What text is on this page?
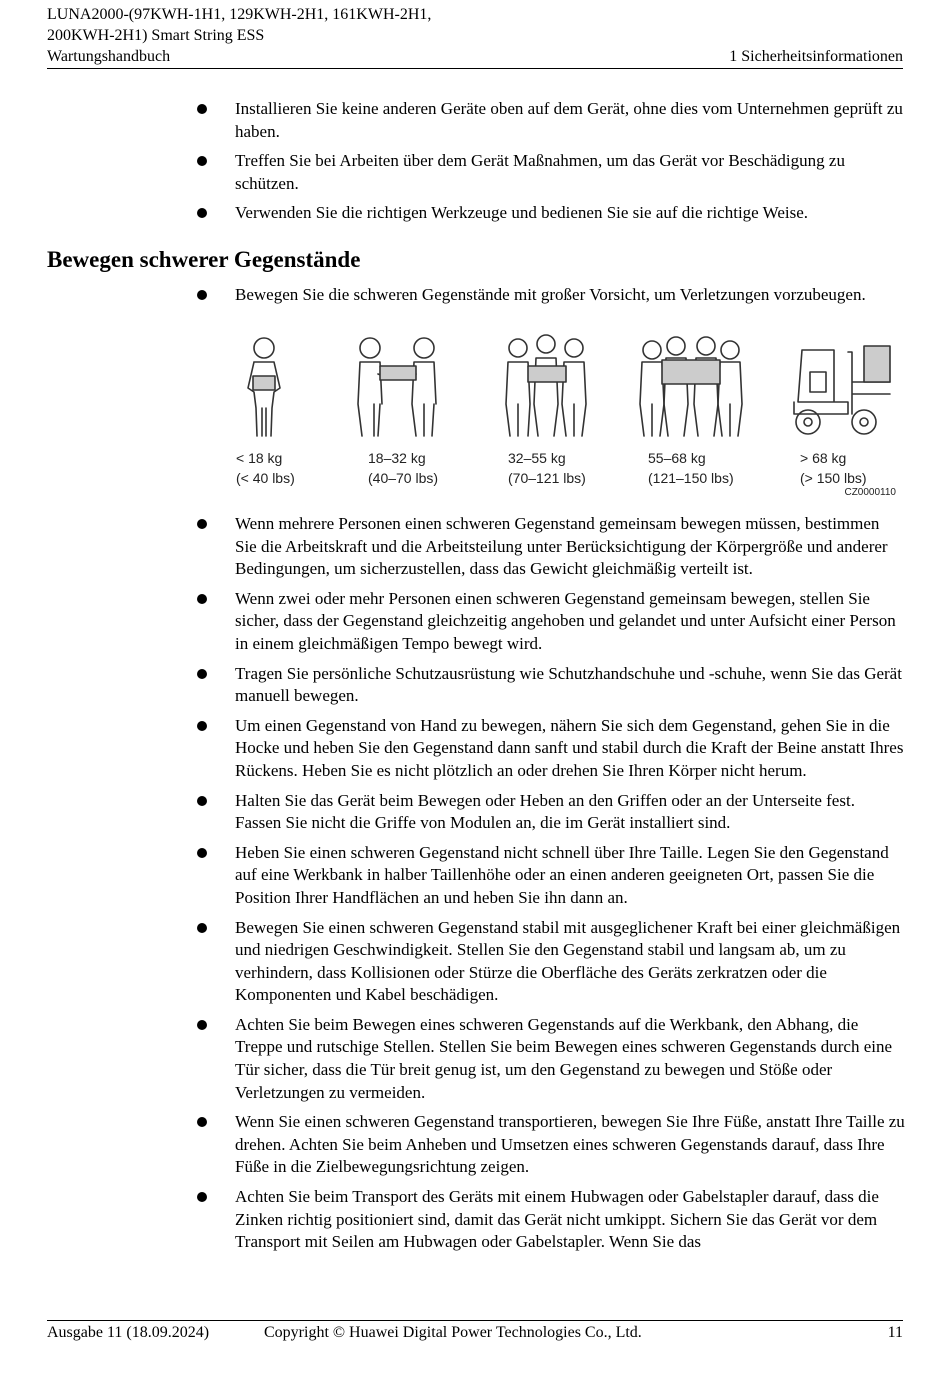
LUNA2000-(97KWH-1H1, 129KWH-2H1, 161KWH-2H1,
200KWH-2H1) Smart String ESS
Wartungshandbuch	1 Sicherheitsinformationen
Installieren Sie keine anderen Geräte oben auf dem Gerät, ohne dies vom Unternehmen geprüft zu haben.
Treffen Sie bei Arbeiten über dem Gerät Maßnahmen, um das Gerät vor Beschädigung zu schützen.
Verwenden Sie die richtigen Werkzeuge und bedienen Sie sie auf die richtige Weise.
Bewegen schwerer Gegenstände
Bewegen Sie die schweren Gegenstände mit großer Vorsicht, um Verletzungen vorzubeugen.
< 18 kg
(< 40 lbs)
18–32 kg
(40–70 lbs)
32–55 kg
(70–121 lbs)
55–68 kg
(121–150 lbs)
> 68 kg
(> 150 lbs)
CZ0000110
Wenn mehrere Personen einen schweren Gegenstand gemeinsam bewegen müssen, bestimmen Sie die Arbeitskraft und die Arbeitsteilung unter Berücksichtigung der Körpergröße und anderer Bedingungen, um sicherzustellen, dass das Gewicht gleichmäßig verteilt ist.
Wenn zwei oder mehr Personen einen schweren Gegenstand gemeinsam bewegen, stellen Sie sicher, dass der Gegenstand gleichzeitig angehoben und gelandet und unter Aufsicht einer Person in einem gleichmäßigen Tempo bewegt wird.
Tragen Sie persönliche Schutzausrüstung wie Schutzhandschuhe und -schuhe, wenn Sie das Gerät manuell bewegen.
Um einen Gegenstand von Hand zu bewegen, nähern Sie sich dem Gegenstand, gehen Sie in die Hocke und heben Sie den Gegenstand dann sanft und stabil durch die Kraft der Beine anstatt Ihres Rückens. Heben Sie es nicht plötzlich an oder drehen Sie Ihren Körper nicht herum.
Halten Sie das Gerät beim Bewegen oder Heben an den Griffen oder an der Unterseite fest. Fassen Sie nicht die Griffe von Modulen an, die im Gerät installiert sind.
Heben Sie einen schweren Gegenstand nicht schnell über Ihre Taille. Legen Sie den Gegenstand auf eine Werkbank in halber Taillenhöhe oder an einen anderen geeigneten Ort, passen Sie die Position Ihrer Handflächen an und heben Sie ihn dann an.
Bewegen Sie einen schweren Gegenstand stabil mit ausgeglichener Kraft bei einer gleichmäßigen und niedrigen Geschwindigkeit. Stellen Sie den Gegenstand stabil und langsam ab, um zu verhindern, dass Kollisionen oder Stürze die Oberfläche des Geräts zerkratzen oder die Komponenten und Kabel beschädigen.
Achten Sie beim Bewegen eines schweren Gegenstands auf die Werkbank, den Abhang, die Treppe und rutschige Stellen. Stellen Sie beim Bewegen eines schweren Gegenstands durch eine Tür sicher, dass die Tür breit genug ist, um den Gegenstand zu bewegen und Stöße oder Verletzungen zu vermeiden.
Wenn Sie einen schweren Gegenstand transportieren, bewegen Sie Ihre Füße, anstatt Ihre Taille zu drehen. Achten Sie beim Anheben und Umsetzen eines schweren Gegenstands darauf, dass Ihre Füße in die Zielbewegungsrichtung zeigen.
Achten Sie beim Transport des Geräts mit einem Hubwagen oder Gabelstapler darauf, dass die Zinken richtig positioniert sind, damit das Gerät nicht umkippt. Sichern Sie das Gerät vor dem Transport mit Seilen am Hubwagen oder Gabelstapler. Wenn Sie das
Ausgabe 11 (18.09.2024)	Copyright © Huawei Digital Power Technologies Co., Ltd.	11
